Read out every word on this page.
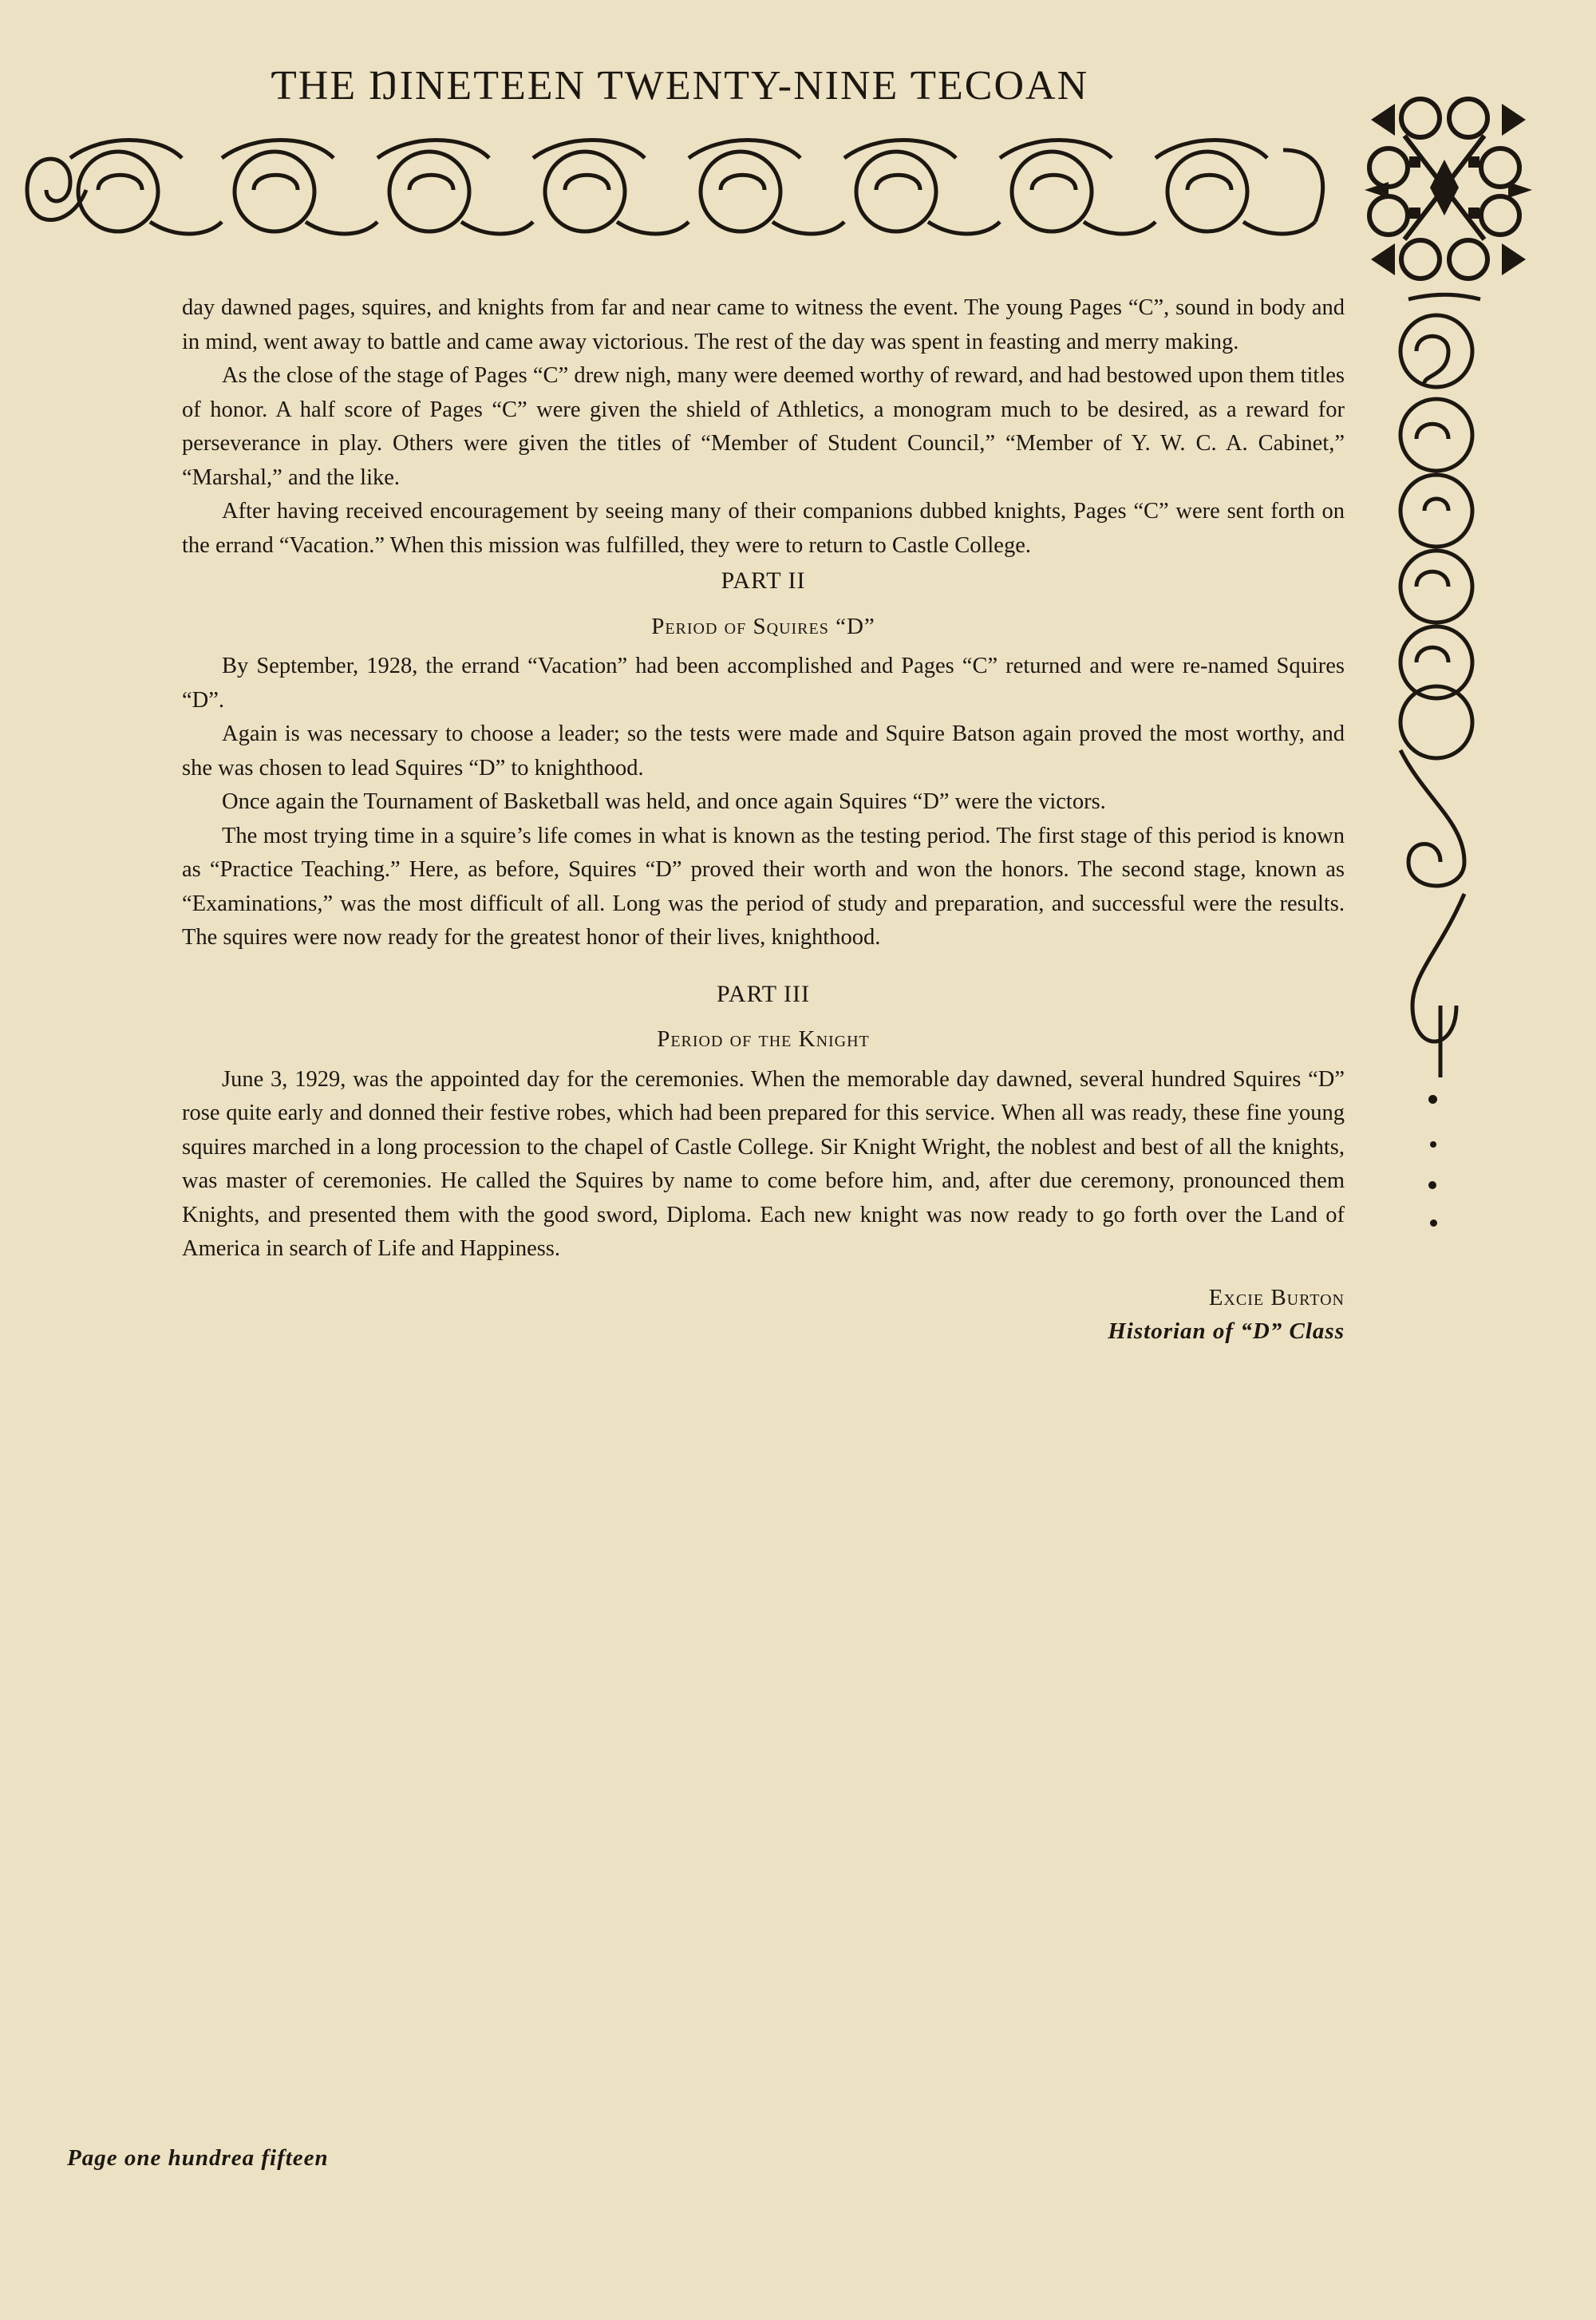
ƬHE ŊINETEEN ƬWENTY-NINE ƬECOAN

day dawned pages, squires, and knights from far and near came to witness the event. The young Pages “C”, sound in body and in mind, went away to battle and came away victorious. The rest of the day was spent in feasting and merry making.

As the close of the stage of Pages “C” drew nigh, many were deemed worthy of reward, and had bestowed upon them titles of honor. A half score of Pages “C” were given the shield of Athletics, a monogram much to be desired, as a reward for perseverance in play. Others were given the titles of “Member of Student Council,” “Member of Y. W. C. A. Cabinet,” “Marshal,” and the like.

After having received encouragement by seeing many of their companions dubbed knights, Pages “C” were sent forth on the errand “Vacation.” When this mission was fulfilled, they were to return to Castle College.

PART II
Period of Squires “D”

By September, 1928, the errand “Vacation” had been accomplished and Pages “C” returned and were re-named Squires “D”.

Again is was necessary to choose a leader; so the tests were made and Squire Batson again proved the most worthy, and she was chosen to lead Squires “D” to knighthood.

Once again the Tournament of Basketball was held, and once again Squires “D” were the victors.

The most trying time in a squire’s life comes in what is known as the testing period. The first stage of this period is known as “Practice Teaching.” Here, as before, Squires “D” proved their worth and won the honors. The second stage, known as “Examinations,” was the most difficult of all. Long was the period of study and preparation, and successful were the results. The squires were now ready for the greatest honor of their lives, knighthood.

PART III
Period of the Knight

June 3, 1929, was the appointed day for the ceremonies. When the memorable day dawned, several hundred Squires “D” rose quite early and donned their festive robes, which had been prepared for this service. When all was ready, these fine young squires marched in a long procession to the chapel of Castle College. Sir Knight Wright, the noblest and best of all the knights, was master of ceremonies. He called the Squires by name to come before him, and, after due ceremony, pronounced them Knights, and presented them with the good sword, Diploma. Each new knight was now ready to go forth over the Land of America in search of Life and Happiness.

Excie Burton
Historian of “D” Class
Page one hundrea fifteen
